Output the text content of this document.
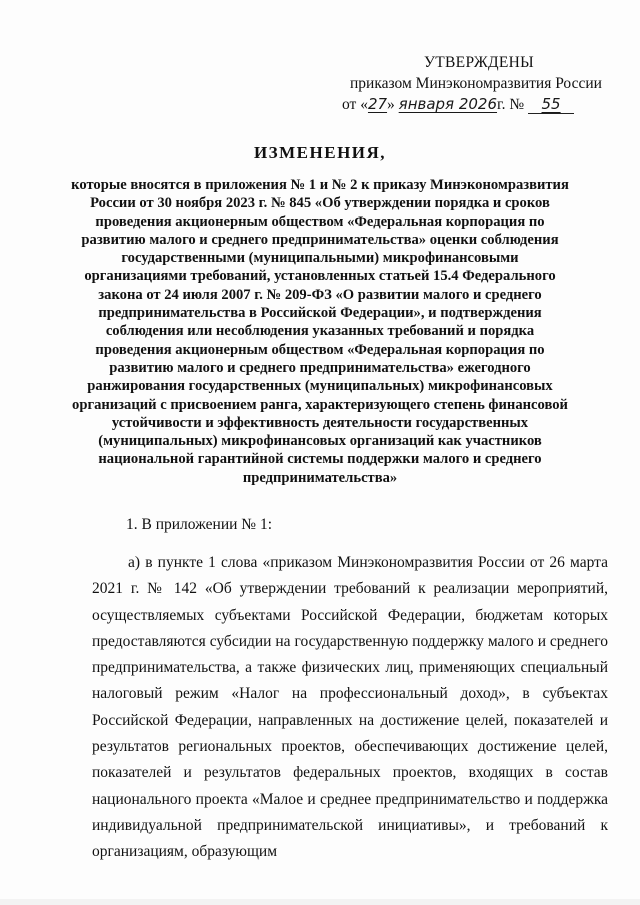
УТВЕРЖДЕНЫ
приказом Минэкономразвития России
от «27» января 2026г. № 55
ИЗМЕНЕНИЯ,
которые вносятся в приложения № 1 и № 2 к приказу Минэкономразвития России от 30 ноября 2023 г. № 845 «Об утверждении порядка и сроков проведения акционерным обществом «Федеральная корпорация по развитию малого и среднего предпринимательства» оценки соблюдения государственными (муниципальными) микрофинансовыми организациями требований, установленных статьей 15.4 Федерального закона от 24 июля 2007 г. № 209-ФЗ «О развитии малого и среднего предпринимательства в Российской Федерации», и подтверждения соблюдения или несоблюдения указанных требований и порядка проведения акционерным обществом «Федеральная корпорация по развитию малого и среднего предпринимательства» ежегодного ранжирования государственных (муниципальных) микрофинансовых организаций с присвоением ранга, характеризующего степень финансовой устойчивости и эффективность деятельности государственных (муниципальных) микрофинансовых организаций как участников национальной гарантийной системы поддержки малого и среднего предпринимательства»
1. В приложении № 1:
а) в пункте 1 слова «приказом Минэкономразвития России от 26 марта 2021 г. № 142 «Об утверждении требований к реализации мероприятий, осуществляемых субъектами Российской Федерации, бюджетам которых предоставляются субсидии на государственную поддержку малого и среднего предпринимательства, а также физических лиц, применяющих специальный налоговый режим «Налог на профессиональный доход», в субъектах Российской Федерации, направленных на достижение целей, показателей и результатов региональных проектов, обеспечивающих достижение целей, показателей и результатов федеральных проектов, входящих в состав национального проекта «Малое и среднее предпринимательство и поддержка индивидуальной предпринимательской инициативы», и требований к организациям, образующим
